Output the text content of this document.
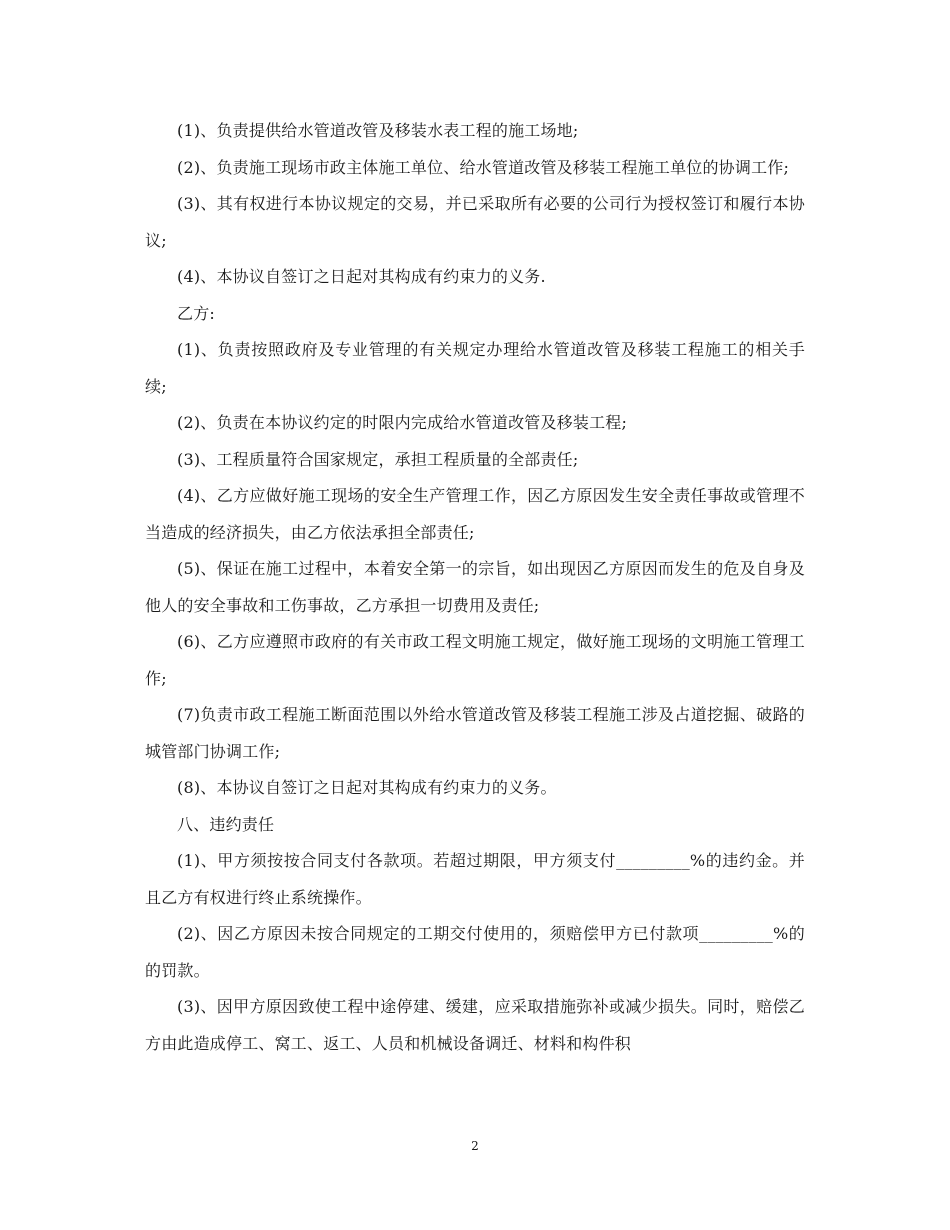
(1)、负责提供给水管道改管及移装水表工程的施工场地;

(2)、负责施工现场市政主体施工单位、给水管道改管及移装工程施工单位的协调工作;

(3)、其有权进行本协议规定的交易，并已采取所有必要的公司行为授权签订和履行本协议;

(4)、本协议自签订之日起对其构成有约束力的义务.

乙方:

(1)、负责按照政府及专业管理的有关规定办理给水管道改管及移装工程施工的相关手续;

(2)、负责在本协议约定的时限内完成给水管道改管及移装工程;

(3)、工程质量符合国家规定，承担工程质量的全部责任;

(4)、乙方应做好施工现场的安全生产管理工作，因乙方原因发生安全责任事故或管理不当造成的经济损失，由乙方依法承担全部责任;

(5)、保证在施工过程中，本着安全第一的宗旨，如出现因乙方原因而发生的危及自身及他人的安全事故和工伤事故，乙方承担一切费用及责任;

(6)、乙方应遵照市政府的有关市政工程文明施工规定，做好施工现场的文明施工管理工作;

(7)负责市政工程施工断面范围以外给水管道改管及移装工程施工涉及占道挖掘、破路的城管部门协调工作;

(8)、本协议自签订之日起对其构成有约束力的义务。

八、违约责任

(1)、甲方须按按合同支付各款项。若超过期限，甲方须支付_________%的违约金。并且乙方有权进行终止系统操作。

(2)、因乙方原因未按合同规定的工期交付使用的，须赔偿甲方已付款项_________%的的罚款。

(3)、因甲方原因致使工程中途停建、缓建，应采取措施弥补或减少损失。同时，赔偿乙方由此造成停工、窝工、返工、人员和机械设备调迁、材料和构件积

2
